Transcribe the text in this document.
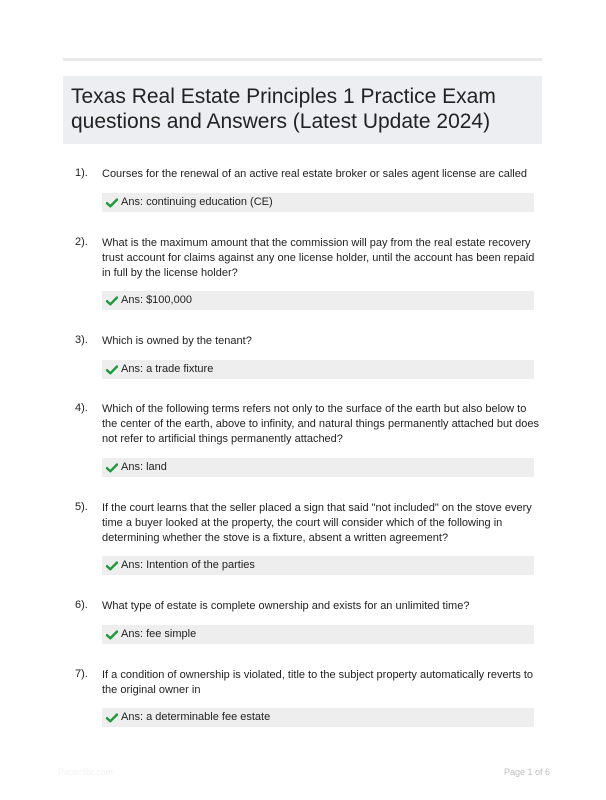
Texas Real Estate Principles 1 Practice Exam questions and Answers (Latest Update 2024)
1). Courses for the renewal of an active real estate broker or sales agent license are called
Ans: continuing education (CE)
2). What is the maximum amount that the commission will pay from the real estate recovery trust account for claims against any one license holder, until the account has been repaid in full by the license holder?
Ans: $100,000
3). Which is owned by the tenant?
Ans: a trade fixture
4). Which of the following terms refers not only to the surface of the earth but also below to the center of the earth, above to infinity, and natural things permanently attached but does not refer to artificial things permanently attached?
Ans: land
5). If the court learns that the seller placed a sign that said "not included" on the stove every time a buyer looked at the property, the court will consider which of the following in determining whether the stove is a fixture, absent a written agreement?
Ans: Intention of the parties
6). What type of estate is complete ownership and exists for an unlimited time?
Ans: fee simple
7). If a condition of ownership is violated, title to the subject property automatically reverts to the original owner in
Ans: a determinable fee estate
Paperlibr.com	Page 1 of 6
